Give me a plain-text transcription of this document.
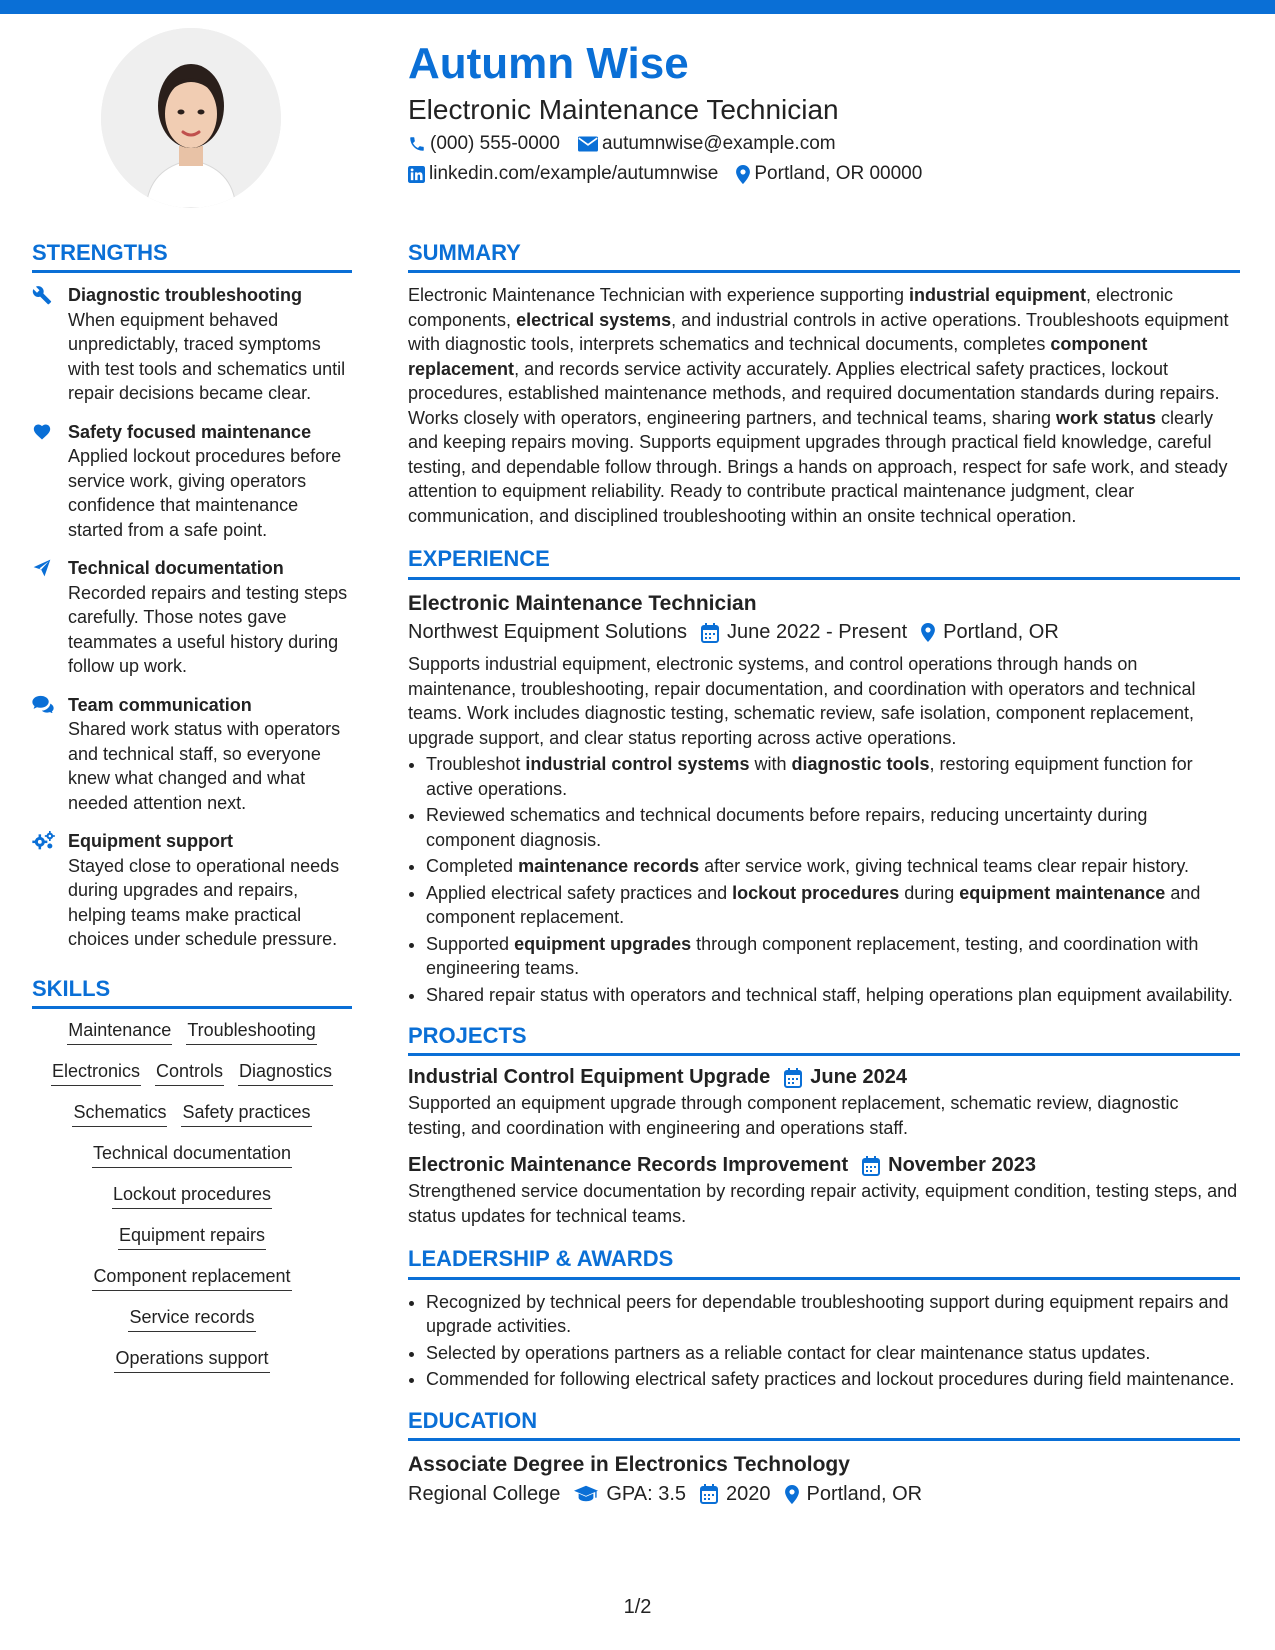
Autumn Wise
Electronic Maintenance Technician
(000) 555-0000 autumnwise@example.com
linkedin.com/example/autumnwise Portland, OR 00000
STRENGTHS
Diagnostic troubleshooting
When equipment behaved unpredictably, traced symptoms with test tools and schematics until repair decisions became clear.
Safety focused maintenance
Applied lockout procedures before service work, giving operators confidence that maintenance started from a safe point.
Technical documentation
Recorded repairs and testing steps carefully. Those notes gave teammates a useful history during follow up work.
Team communication
Shared work status with operators and technical staff, so everyone knew what changed and what needed attention next.
Equipment support
Stayed close to operational needs during upgrades and repairs, helping teams make practical choices under schedule pressure.
SKILLS
Maintenance Troubleshooting
Electronics Controls Diagnostics
Schematics Safety practices
Technical documentation
Lockout procedures
Equipment repairs
Component replacement
Service records
Operations support
SUMMARY

Electronic Maintenance Technician with experience supporting industrial equipment, electronic components, electrical systems, and industrial controls in active operations. Troubleshoots equipment with diagnostic tools, interprets schematics and technical documents, completes component replacement, and records service activity accurately. Applies electrical safety practices, lockout procedures, established maintenance methods, and required documentation standards during repairs. Works closely with operators, engineering partners, and technical teams, sharing work status clearly and keeping repairs moving. Supports equipment upgrades through practical field knowledge, careful testing, and dependable follow through. Brings a hands on approach, respect for safe work, and steady attention to equipment reliability. Ready to contribute practical maintenance judgment, clear communication, and disciplined troubleshooting within an onsite technical operation.

EXPERIENCE
Electronic Maintenance Technician
Northwest Equipment Solutions June 2022 - Present Portland, OR

Supports industrial equipment, electronic systems, and control operations through hands on maintenance, troubleshooting, repair documentation, and coordination with operators and technical teams. Work includes diagnostic testing, schematic review, safe isolation, component replacement, upgrade support, and clear status reporting across active operations.

• Troubleshot industrial control systems with diagnostic tools, restoring equipment function for active operations.
• Reviewed schematics and technical documents before repairs, reducing uncertainty during component diagnosis.
• Completed maintenance records after service work, giving technical teams clear repair history.
• Applied electrical safety practices and lockout procedures during equipment maintenance and component replacement.
• Supported equipment upgrades through component replacement, testing, and coordination with engineering teams.
• Shared repair status with operators and technical staff, helping operations plan equipment availability.
PROJECTS
Industrial Control Equipment Upgrade June 2024

Supported an equipment upgrade through component replacement, schematic review, diagnostic testing, and coordination with engineering and operations staff.

Electronic Maintenance Records Improvement November 2023

Strengthened service documentation by recording repair activity, equipment condition, testing steps, and status updates for technical teams.

LEADERSHIP & AWARDS
• Recognized by technical peers for dependable troubleshooting support during equipment repairs and upgrade activities.
• Selected by operations partners as a reliable contact for clear maintenance status updates.
• Commended for following electrical safety practices and lockout procedures during field maintenance.
EDUCATION
Associate Degree in Electronics Technology
Regional College GPA: 3.5 2020 Portland, OR
1/2
